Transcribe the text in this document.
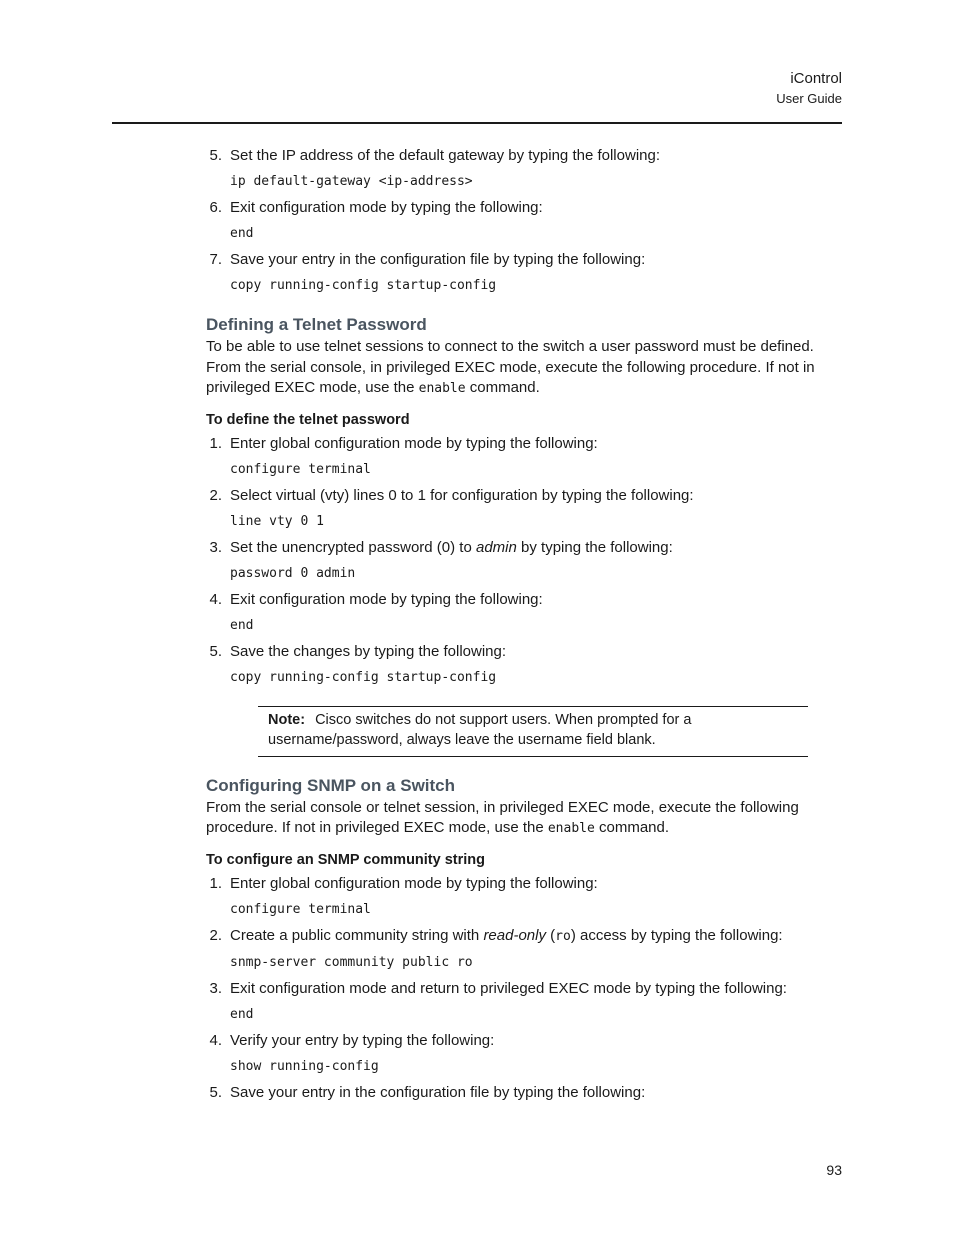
iControl
User Guide

5. Set the IP address of the default gateway by typing the following:

ip default-gateway <ip-address>

6. Exit configuration mode by typing the following:

end

7. Save your entry in the configuration file by typing the following:

copy running-config startup-config
Defining a Telnet Password

To be able to use telnet sessions to connect to the switch a user password must be defined. From the serial console, in privileged EXEC mode, execute the following procedure. If not in privileged EXEC mode, use the enable command.

To define the telnet password

1. Enter global configuration mode by typing the following:

configure terminal

2. Select virtual (vty) lines 0 to 1 for configuration by typing the following:

line vty 0 1

3. Set the unencrypted password (0) to admin by typing the following:

password 0 admin

4. Exit configuration mode by typing the following:

end

5. Save the changes by typing the following:

copy running-config startup-config
Note: Cisco switches do not support users. When prompted for a username/password, always leave the username field blank.
Configuring SNMP on a Switch

From the serial console or telnet session, in privileged EXEC mode, execute the following procedure. If not in privileged EXEC mode, use the enable command.

To configure an SNMP community string

1. Enter global configuration mode by typing the following:

configure terminal

2. Create a public community string with read-only (ro) access by typing the following:

snmp-server community public ro

3. Exit configuration mode and return to privileged EXEC mode by typing the following:

end

4. Verify your entry by typing the following:

show running-config

5. Save your entry in the configuration file by typing the following:

93
